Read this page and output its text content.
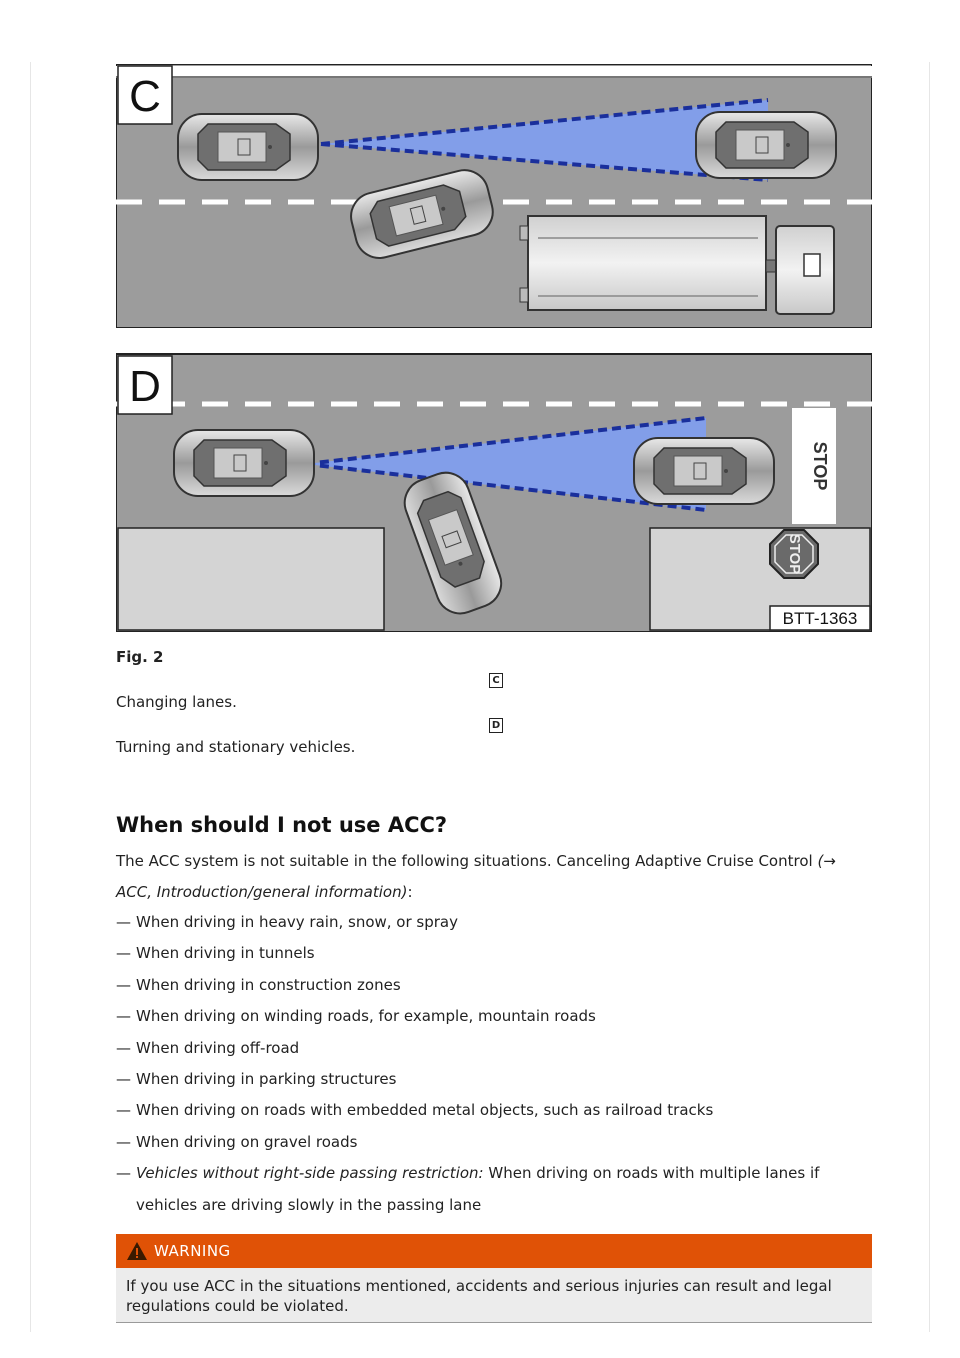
C
STOP
STOP
D
BTT-1363
Fig. 2
C
Changing lanes.
D
Turning and stationary vehicles.
When should I not use ACC?
The ACC system is not suitable in the following situations. Canceling Adaptive Cruise Control (→ ACC, Introduction/general information):
— When driving in heavy rain, snow, or spray
— When driving in tunnels
— When driving in construction zones
— When driving on winding roads, for example, mountain roads
— When driving off-road
— When driving in parking structures
— When driving on roads with embedded metal objects, such as railroad tracks
— When driving on gravel roads
— Vehicles without right-side passing restriction: When driving on roads with multiple lanes if vehicles are driving slowly in the passing lane
WARNING

If you use ACC in the situations mentioned, accidents and serious injuries can result and legal regulations could be violated.
